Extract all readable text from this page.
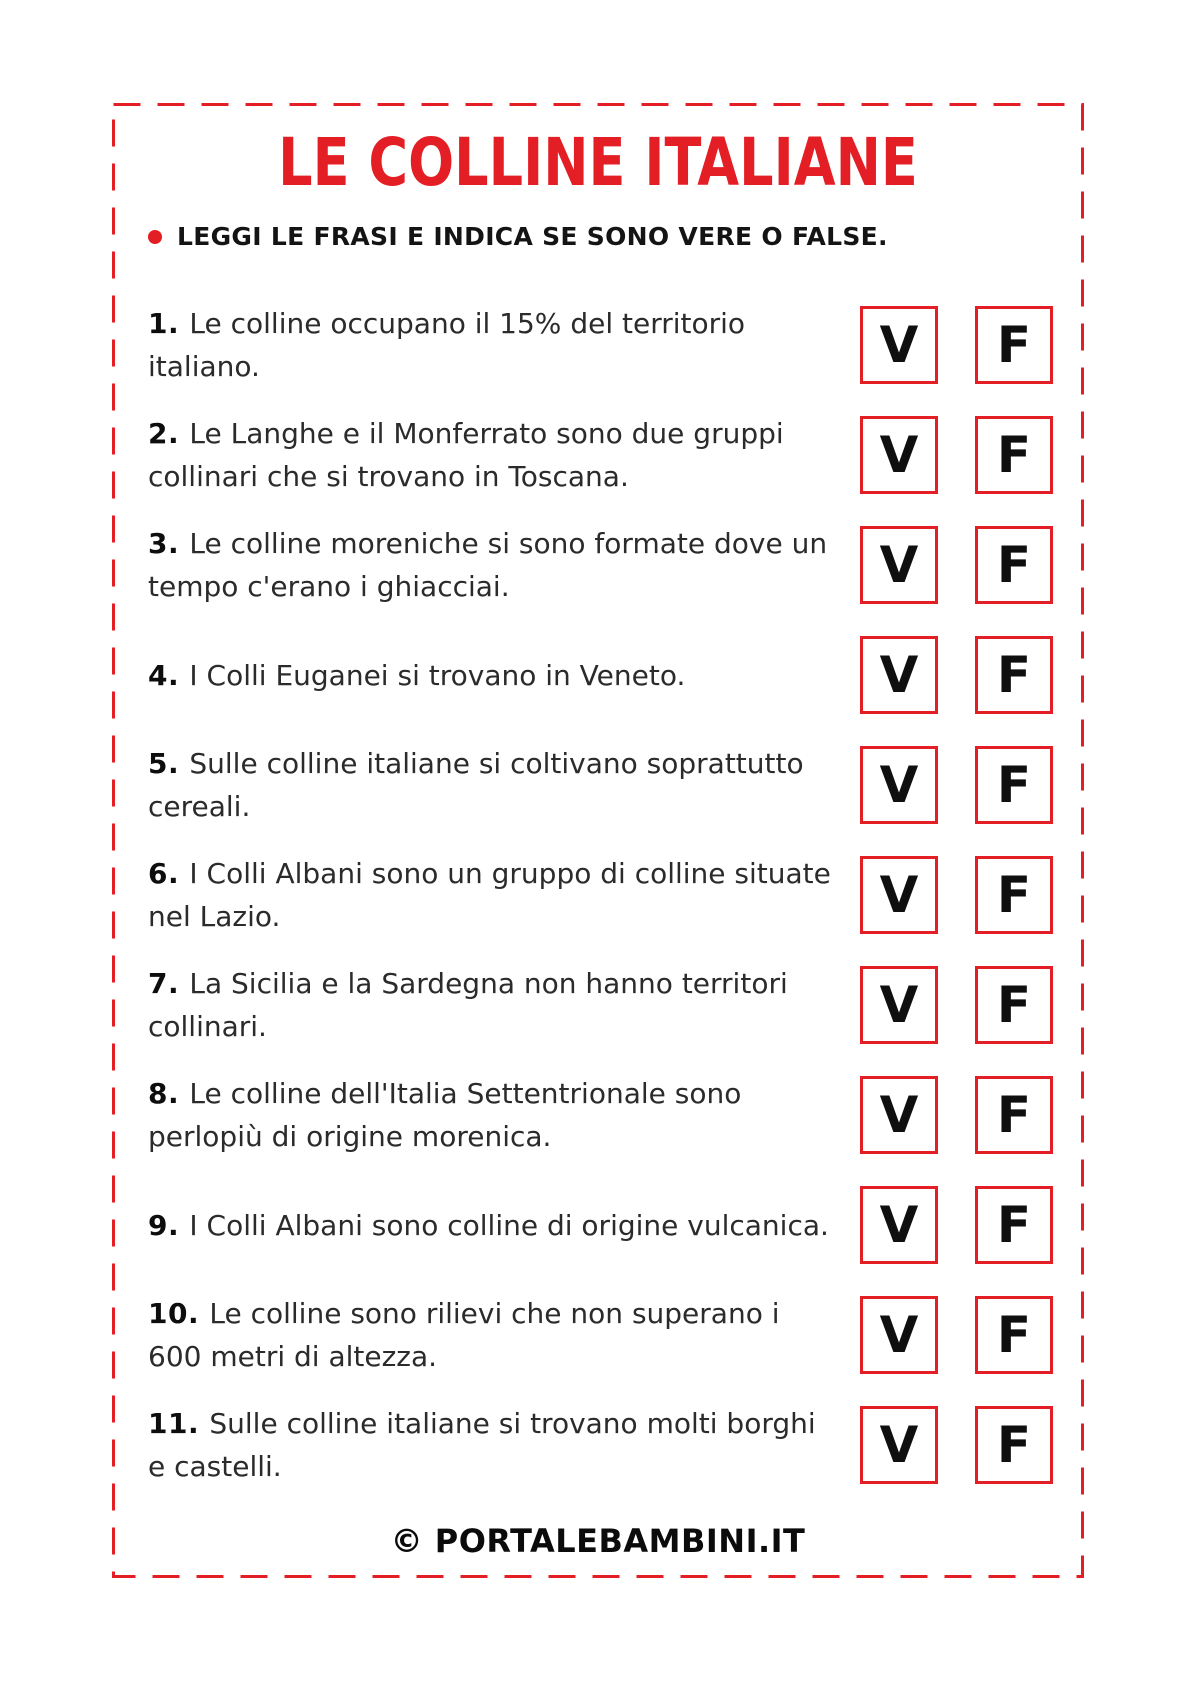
LE COLLINE ITALIANE
LEGGI LE FRASI E INDICA SE SONO VERE O FALSE.

1. Le colline occupano il 15% del territorio italiano.	V F

2. Le Langhe e il Monferrato sono due gruppi collinari che si trovano in Toscana.	V F

3. Le colline moreniche si sono formate dove un tempo c'erano i ghiacciai.	V F

4. I Colli Euganei si trovano in Veneto.	V F

5. Sulle colline italiane si coltivano soprattutto cereali.	V F

6. I Colli Albani sono un gruppo di colline situate nel Lazio.	V F

7. La Sicilia e la Sardegna non hanno territori collinari.	V F

8. Le colline dell'Italia Settentrionale sono perlopiù di origine morenica.	V F

9. I Colli Albani sono colline di origine vulcanica. V F

10. Le colline sono rilievi che non superano i 600 metri di altezza.	V F

11. Sulle colline italiane si trovano molti borghi e castelli.	V F

© PORTALEBAMBINI.IT
